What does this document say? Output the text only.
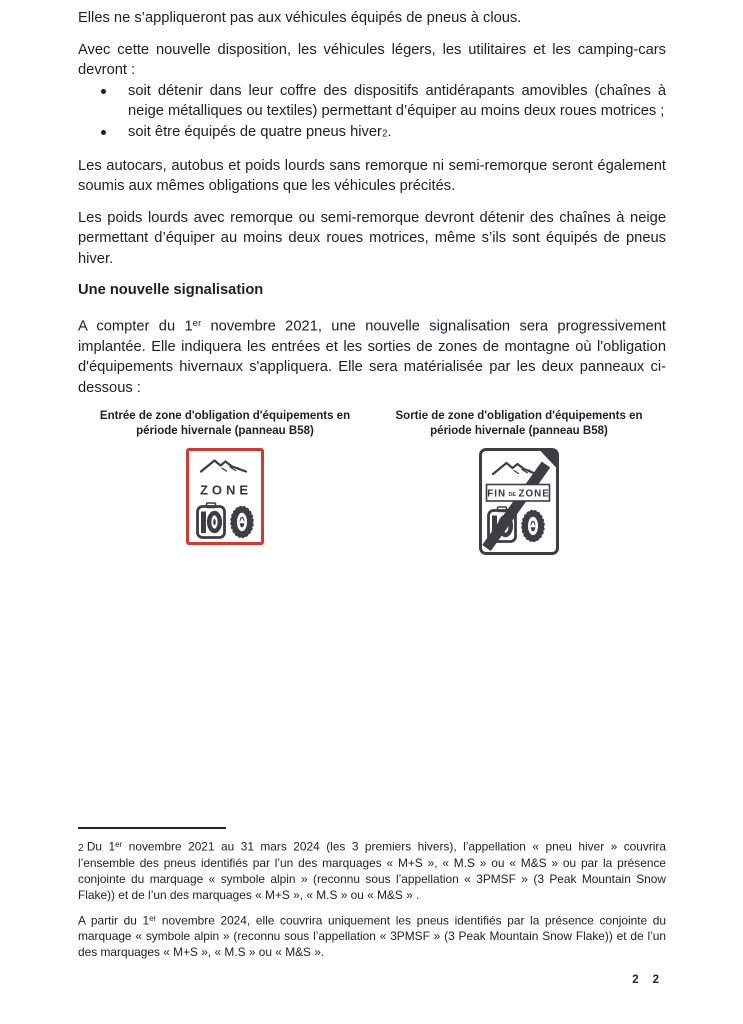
Elles ne s’appliqueront pas aux véhicules équipés de pneus à clous.

Avec cette nouvelle disposition, les véhicules légers, les utilitaires et les camping-cars devront :

soit détenir dans leur coffre des dispositifs antidérapants amovibles (chaînes à neige métalliques ou textiles) permettant d’équiper au moins deux roues motrices ;
soit être équipés de quatre pneus hiver2.

Les autocars, autobus et poids lourds sans remorque ni semi-remorque seront également soumis aux mêmes obligations que les véhicules précités.

Les poids lourds avec remorque ou semi-remorque devront détenir des chaînes à neige permettant d’équiper au moins deux roues motrices, même s’ils sont équipés de pneus hiver.

Une nouvelle signalisation

A compter du 1er novembre 2021, une nouvelle signalisation sera progressivement implantée. Elle indiquera les entrées et les sorties de zones de montagne où l'obligation d'équipements hivernaux s'appliquera. Elle sera matérialisée par les deux panneaux ci-dessous :

Entrée de zone d'obligation d'équipements en période hivernale (panneau B58)
ZONE
Sortie de zone d'obligation d'équipements en période hivernale (panneau B58)
FIN DE ZONE

2 Du 1er novembre 2021 au 31 mars 2024 (les 3 premiers hivers), l’appellation « pneu hiver » couvrira l’ensemble des pneus identifiés par l’un des marquages « M+S », « M.S » ou « M&S » ou par la présence conjointe du marquage « symbole alpin » (reconnu sous l’appellation « 3PMSF » (3 Peak Mountain Snow Flake)) et de l’un des marquages « M+S », « M.S » ou « M&S » .

A partir du 1er novembre 2024, elle couvrira uniquement les pneus identifiés par la présence conjointe du marquage « symbole alpin » (reconnu sous l’appellation « 3PMSF » (3 Peak Mountain Snow Flake)) et de l’un des marquages « M+S », « M.S » ou « M&S ».

2 2
